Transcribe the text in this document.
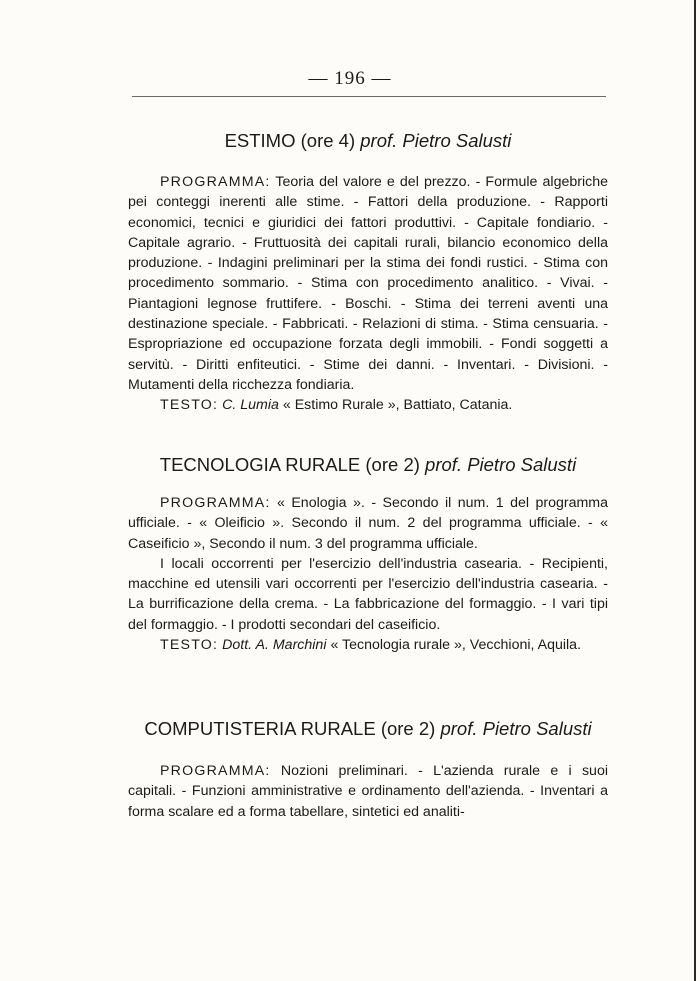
— 196 —
ESTIMO (ore 4) prof. Pietro Salusti

PROGRAMMA: Teoria del valore e del prezzo. - Formule algebriche pei conteggi inerenti alle stime. - Fattori della produzione. - Rapporti economici, tecnici e giuridici dei fattori produttivi. - Capitale fondiario. - Capitale agrario. - Fruttuosità dei capitali rurali, bilancio economico della produzione. - Indagini preliminari per la stima dei fondi rustici. - Stima con procedimento sommario. - Stima con procedimento analitico. - Vivai. - Piantagioni legnose fruttifere. - Boschi. - Stima dei terreni aventi una destinazione speciale. - Fabbricati. - Relazioni di stima. - Stima censuaria. - Espropriazione ed occupazione forzata degli immobili. - Fondi soggetti a servitù. - Diritti enfiteutici. - Stime dei danni. - Inventari. - Divisioni. - Mutamenti della ricchezza fondiaria.

TESTO: C. Lumia « Estimo Rurale », Battiato, Catania.

TECNOLOGIA RURALE (ore 2) prof. Pietro Salusti

PROGRAMMA: « Enologia ». - Secondo il num. 1 del programma ufficiale. - « Oleificio ». Secondo il num. 2 del programma ufficiale. - « Caseificio », Secondo il num. 3 del programma ufficiale.

I locali occorrenti per l'esercizio dell'industria casearia. - Recipienti, macchine ed utensili vari occorrenti per l'esercizio dell'industria casearia. - La burrificazione della crema. - La fabbricazione del formaggio. - I vari tipi del formaggio. - I prodotti secondari del caseificio.

TESTO: Dott. A. Marchini « Tecnologia rurale », Vecchioni, Aquila.

COMPUTISTERIA RURALE (ore 2) prof. Pietro Salusti

PROGRAMMA: Nozioni preliminari. - L'azienda rurale e i suoi capitali. - Funzioni amministrative e ordinamento dell'azienda. - Inventari a forma scalare ed a forma tabellare, sintetici ed analiti-
